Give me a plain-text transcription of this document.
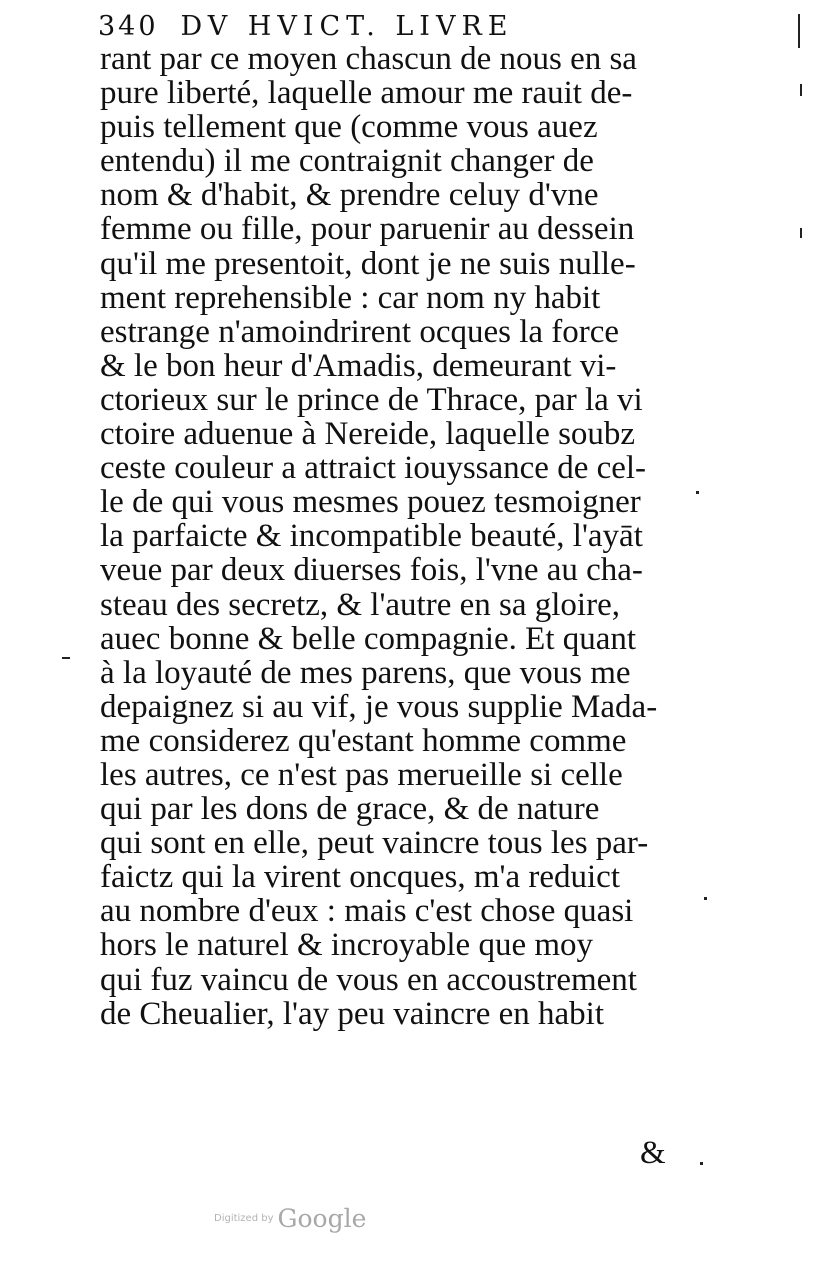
340 DV HVICT. LIVRE
rant par ce moyen chascun de nous en sa
pure liberté, laquelle amour me rauit de-
puis tellement que (comme vous auez
entendu) il me contraignit changer de
nom & d'habit, & prendre celuy d'vne
femme ou fille, pour paruenir au dessein
qu'il me presentoit, dont je ne suis nulle-
ment reprehensible : car nom ny habit
estrange n'amoindrirent ocques la force
& le bon heur d'Amadis, demeurant vi-
ctorieux sur le prince de Thrace, par la vi
ctoire aduenue à Nereide, laquelle soubz
ceste couleur a attraict iouyssance de cel-
le de qui vous mesmes pouez tesmoigner
la parfaicte & incompatible beauté, l'ayāt
veue par deux diuerses fois, l'vne au cha-
steau des secretz, & l'autre en sa gloire,
auec bonne & belle compagnie. Et quant
à la loyauté de mes parens, que vous me
depaignez si au vif, je vous supplie Mada-
me considerez qu'estant homme comme
les autres, ce n'est pas merueille si celle
qui par les dons de grace, & de nature
qui sont en elle, peut vaincre tous les par-
faictz qui la virent oncques, m'a reduict
au nombre d'eux : mais c'est chose quasi
hors le naturel & incroyable que moy
qui fuz vaincu de vous en accoustrement
de Cheualier, l'ay peu vaincre en habit
&
Digitized by Google
